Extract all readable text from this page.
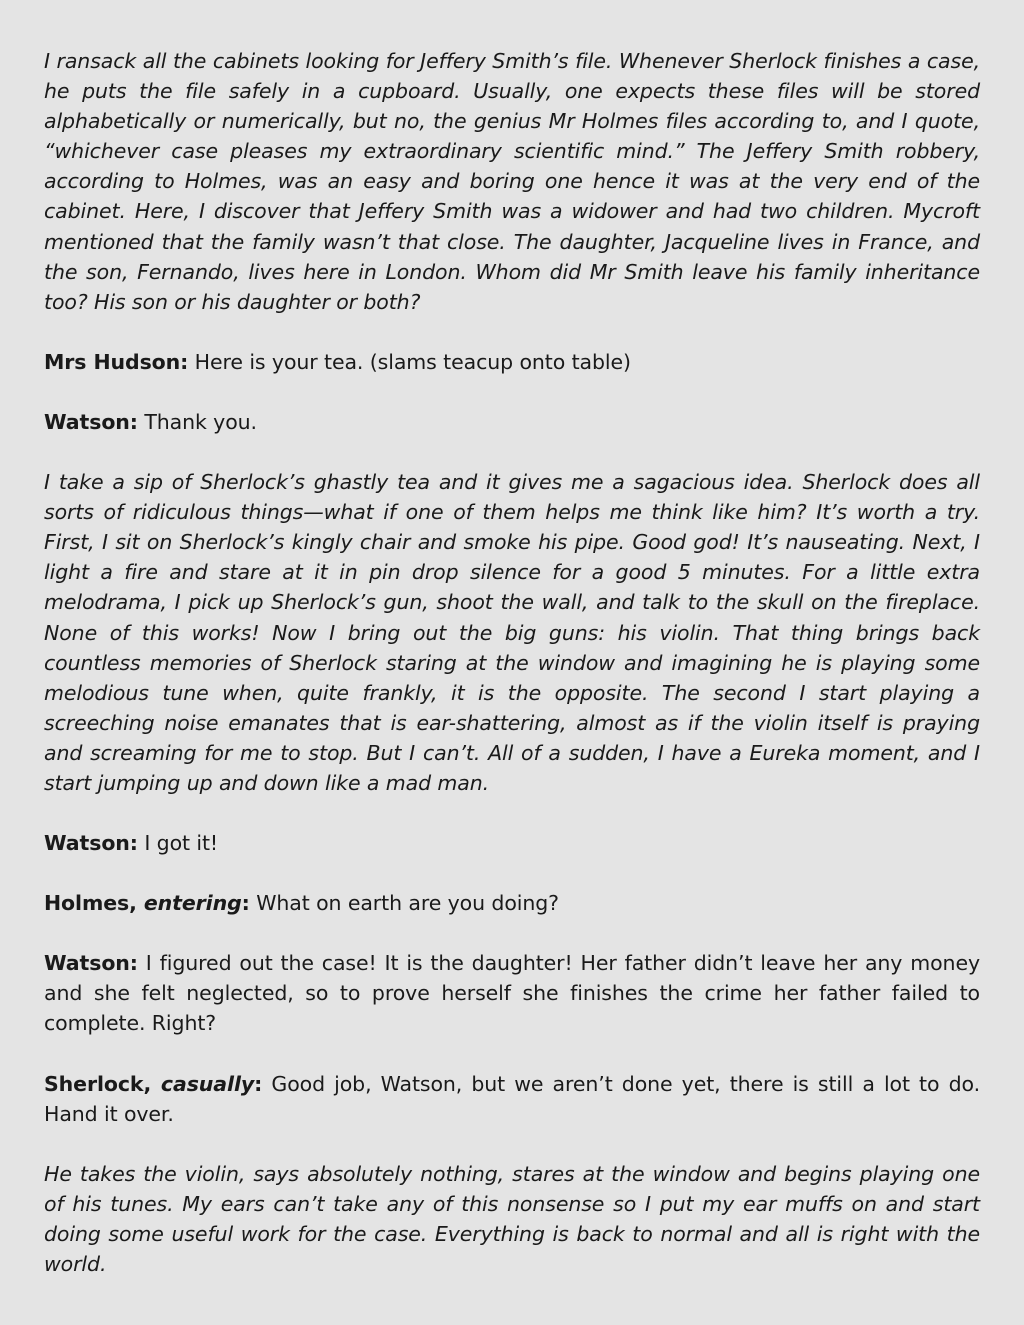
I ransack all the cabinets looking for Jeffery Smith’s file. Whenever Sherlock finishes a case, he puts the file safely in a cupboard. Usually, one expects these files will be stored alphabetically or numerically, but no, the genius Mr Holmes files according to, and I quote, “whichever case pleases my extraordinary scientific mind.” The Jeffery Smith robbery, according to Holmes, was an easy and boring one hence it was at the very end of the cabinet. Here, I discover that Jeffery Smith was a widower and had two children. Mycroft mentioned that the family wasn’t that close. The daughter, Jacqueline lives in France, and the son, Fernando, lives here in London. Whom did Mr Smith leave his family inheritance too? His son or his daughter or both?

Mrs Hudson: Here is your tea. (slams teacup onto table)

Watson: Thank you.

I take a sip of Sherlock’s ghastly tea and it gives me a sagacious idea. Sherlock does all sorts of ridiculous things—what if one of them helps me think like him? It’s worth a try. First, I sit on Sherlock’s kingly chair and smoke his pipe. Good god! It’s nauseating. Next, I light a fire and stare at it in pin drop silence for a good 5 minutes. For a little extra melodrama, I pick up Sherlock’s gun, shoot the wall, and talk to the skull on the fireplace. None of this works! Now I bring out the big guns: his violin. That thing brings back countless memories of Sherlock staring at the window and imagining he is playing some melodious tune when, quite frankly, it is the opposite. The second I start playing a screeching noise emanates that is ear-shattering, almost as if the violin itself is praying and screaming for me to stop. But I can’t. All of a sudden, I have a Eureka moment, and I start jumping up and down like a mad man.

Watson: I got it!

Holmes, entering: What on earth are you doing?

Watson: I figured out the case! It is the daughter! Her father didn’t leave her any money and she felt neglected, so to prove herself she finishes the crime her father failed to complete. Right?

Sherlock, casually: Good job, Watson, but we aren’t done yet, there is still a lot to do. Hand it over.

He takes the violin, says absolutely nothing, stares at the window and begins playing one of his tunes. My ears can’t take any of this nonsense so I put my ear muffs on and start doing some useful work for the case. Everything is back to normal and all is right with the world.
